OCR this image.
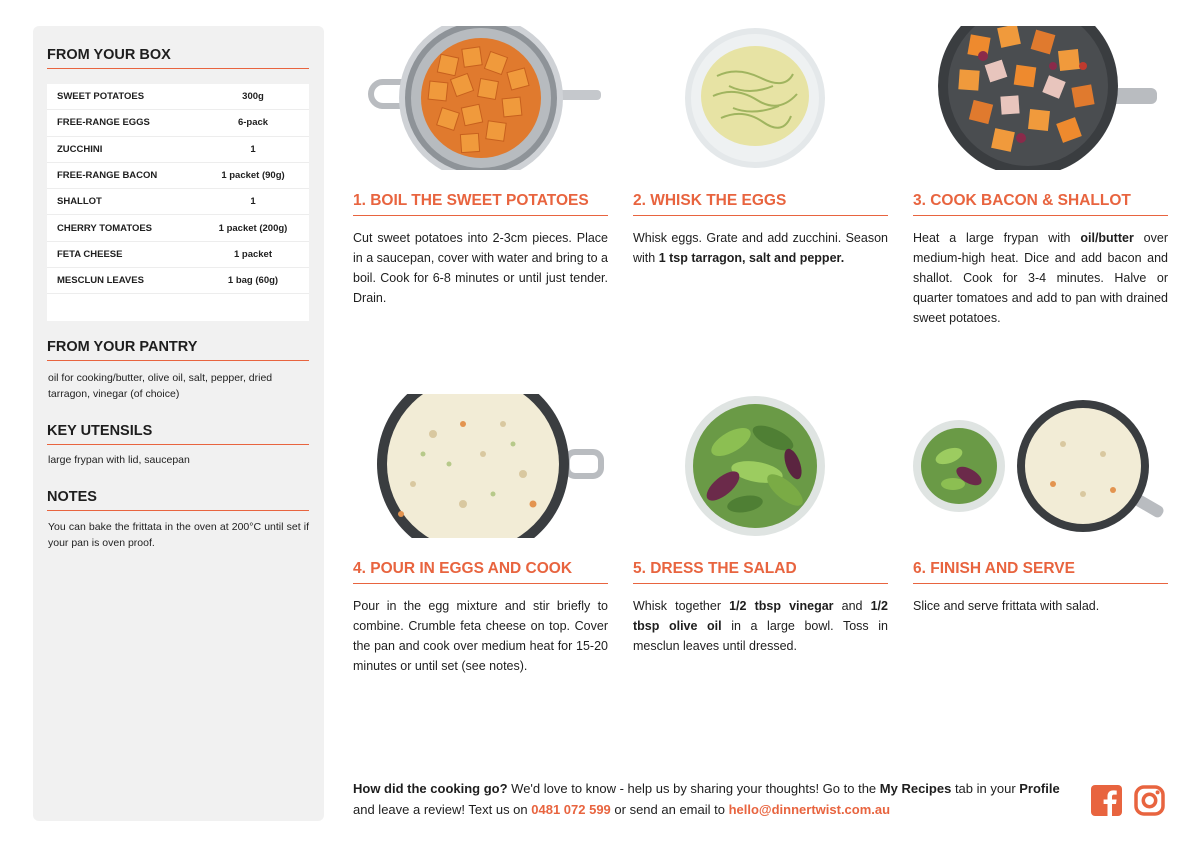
FROM YOUR BOX
SWEET POTATOES	300g
FREE-RANGE EGGS	6-pack
ZUCCHINI	1
FREE-RANGE BACON	1 packet (90g)
SHALLOT	1
CHERRY TOMATOES	1 packet (200g)
FETA CHEESE	1 packet
MESCLUN LEAVES	1 bag (60g)
FROM YOUR PANTRY
oil for cooking/butter, olive oil, salt, pepper, dried tarragon, vinegar (of choice)
KEY UTENSILS
large frypan with lid, saucepan
NOTES
You can bake the frittata in the oven at 200°C until set if your pan is oven proof.
1. BOIL THE SWEET POTATOES
Cut sweet potatoes into 2-3cm pieces. Place in a saucepan, cover with water and bring to a boil. Cook for 6-8 minutes or until just tender. Drain.
2. WHISK THE EGGS
Whisk eggs. Grate and add zucchini. Season with 1 tsp tarragon, salt and pepper.
3. COOK BACON & SHALLOT
Heat a large frypan with oil/butter over medium-high heat. Dice and add bacon and shallot. Cook for 3-4 minutes. Halve or quarter tomatoes and add to pan with drained sweet potatoes.
4. POUR IN EGGS AND COOK
Pour in the egg mixture and stir briefly to combine. Crumble feta cheese on top. Cover the pan and cook over medium heat for 15-20 minutes or until set (see notes).
5. DRESS THE SALAD
Whisk together 1/2 tbsp vinegar and 1/2 tbsp olive oil in a large bowl. Toss in mesclun leaves until dressed.
6. FINISH AND SERVE
Slice and serve frittata with salad.
How did the cooking go? We'd love to know - help us by sharing your thoughts! Go to the My Recipes tab in your Profile and leave a review! Text us on 0481 072 599 or send an email to hello@dinnertwist.com.au
